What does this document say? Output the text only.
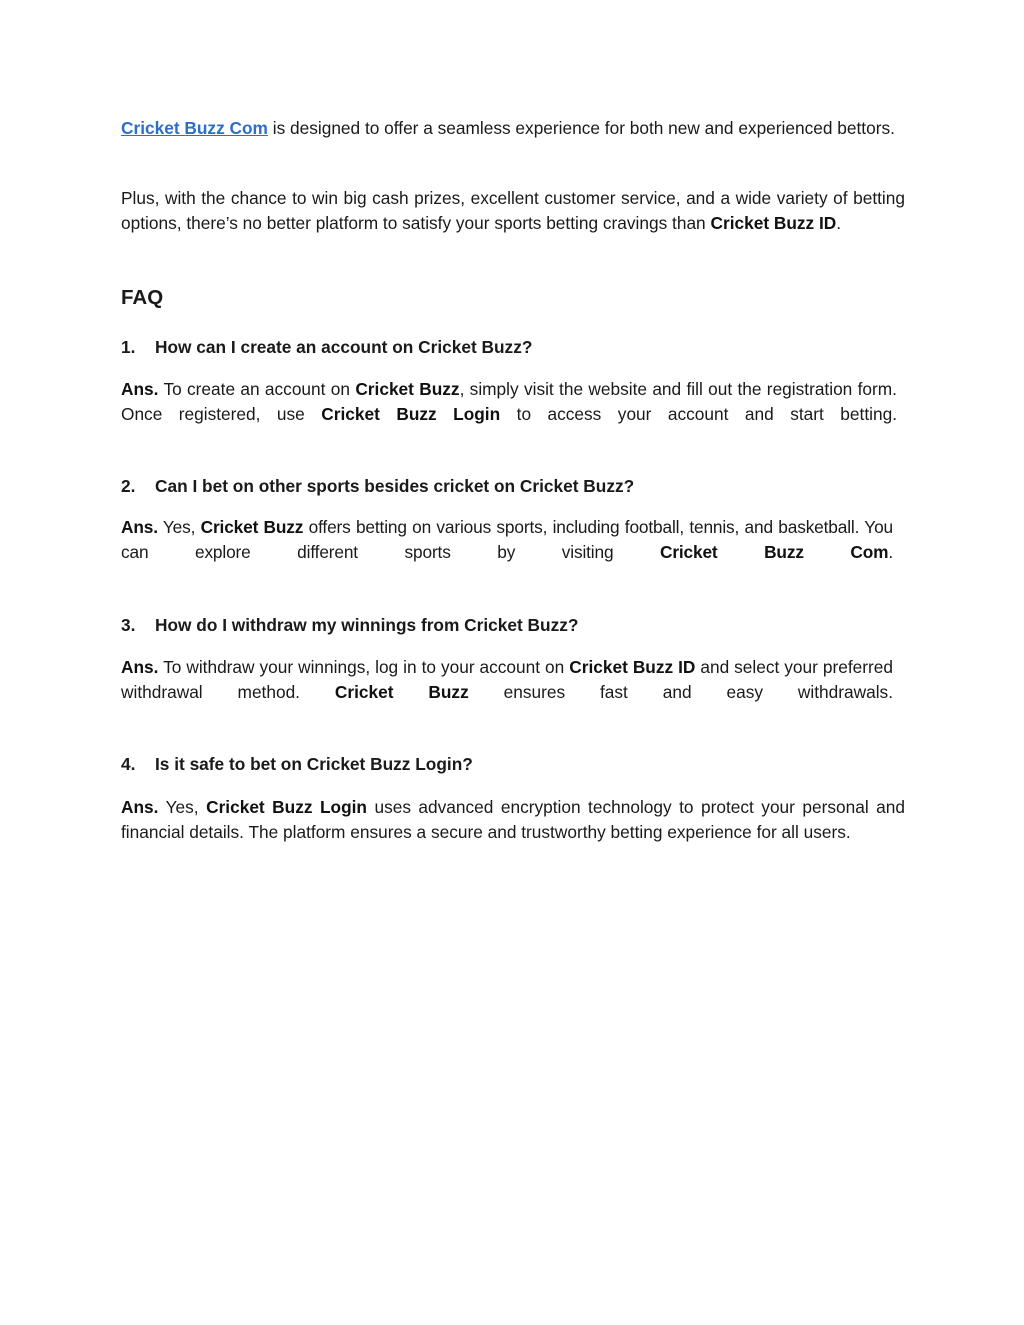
Cricket Buzz Com is designed to offer a seamless experience for both new and experienced bettors.

Plus, with the chance to win big cash prizes, excellent customer service, and a wide variety of betting options, there’s no better platform to satisfy your sports betting cravings than Cricket Buzz ID.

FAQ
1. How can I create an account on Cricket Buzz?

Ans. To create an account on Cricket Buzz, simply visit the website and fill out the registration form. Once registered, use Cricket Buzz Login to access your account and start betting.

2. Can I bet on other sports besides cricket on Cricket Buzz?

Ans. Yes, Cricket Buzz offers betting on various sports, including football, tennis, and basketball. You can explore different sports by visiting Cricket Buzz Com.

3. How do I withdraw my winnings from Cricket Buzz?

Ans. To withdraw your winnings, log in to your account on Cricket Buzz ID and select your preferred withdrawal method. Cricket Buzz ensures fast and easy withdrawals.

4. Is it safe to bet on Cricket Buzz Login?

Ans. Yes, Cricket Buzz Login uses advanced encryption technology to protect your personal and financial details. The platform ensures a secure and trustworthy betting experience for all users.
